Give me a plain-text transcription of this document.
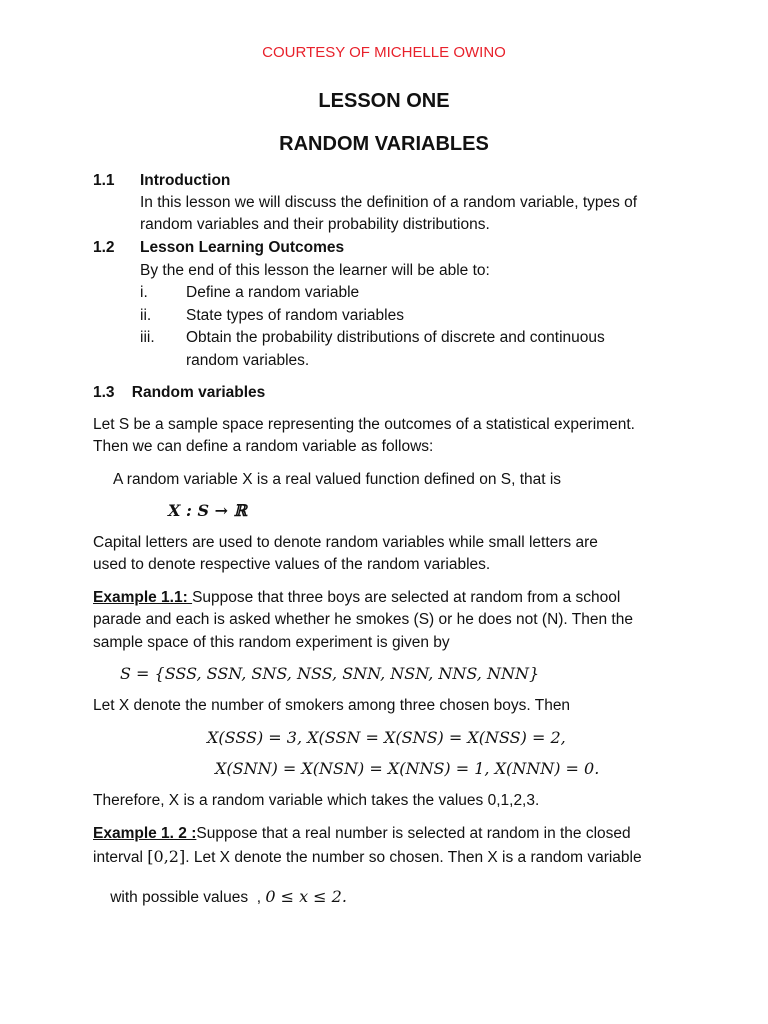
COURTESY OF MICHELLE OWINO
LESSON ONE
RANDOM VARIABLES
1.1 Introduction
In this lesson we will discuss the definition of a random variable, types of
random variables and their probability distributions.
1.2 Lesson Learning Outcomes
By the end of this lesson the learner will be able to:
i. Define a random variable
ii. State types of random variables
iii. Obtain the probability distributions of discrete and continuous
random variables.
1.3    Random variables
Let S be a sample space representing the outcomes of a statistical experiment.
Then we can define a random variable as follows:
A random variable X is a real valued function defined on S, that is
X : S → ℝ
Capital letters are used to denote random variables while small letters are
used to denote respective values of the random variables.
Example 1.1: Suppose that three boys are selected at random from a school
parade and each is asked whether he smokes (S) or he does not (N). Then the
sample space of this random experiment is given by
S = {SSS, SSN, SNS, NSS, SNN, NSN, NNS, NNN}
Let X denote the number of smokers among three chosen boys. Then
X(SSS) = 3, X(SSN = X(SNS) = X(NSS) = 2,
X(SNN) = X(NSN) = X(NNS) = 1, X(NNN) = 0.
Therefore, X is a random variable which takes the values 0,1,2,3.
Example 1. 2 :Suppose that a real number is selected at random in the closed
interval [0,2]. Let X denote the number so chosen. Then X is a random variable

with possible values  , 0 ≤ x ≤ 2.
